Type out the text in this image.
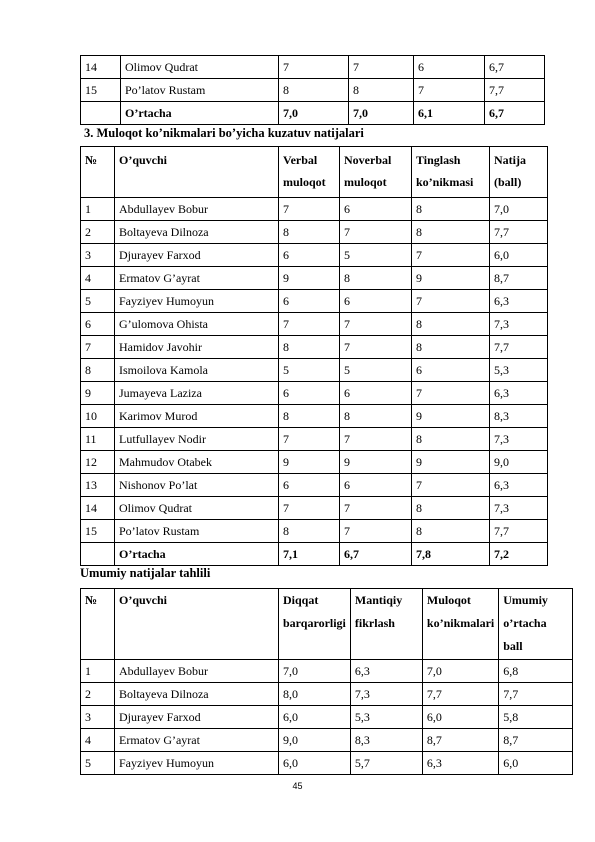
14	Olimov Qudrat	7	7	6	6,7
15	Po’latov Rustam	8	8	7	7,7
	O’rtacha	7,0	7,0	6,1	6,7
3. Muloqot ko’nikmalari bo’yicha kuzatuv natijalari
№	O’quvchi	Verbal muloqot	Noverbal muloqot	Tinglash ko’nikmasi	Natija (ball)
1	Abdullayev Bobur	7	6	8	7,0
2	Boltayeva Dilnoza	8	7	8	7,7
3	Djurayev Farxod	6	5	7	6,0
4	Ermatov G’ayrat	9	8	9	8,7
5	Fayziyev Humoyun	6	6	7	6,3
6	G’ulomova Ohista	7	7	8	7,3
7	Hamidov Javohir	8	7	8	7,7
8	Ismoilova Kamola	5	5	6	5,3
9	Jumayeva Laziza	6	6	7	6,3
10	Karimov Murod	8	8	9	8,3
11	Lutfullayev Nodir	7	7	8	7,3
12	Mahmudov Otabek	9	9	9	9,0
13	Nishonov Po’lat	6	6	7	6,3
14	Olimov Qudrat	7	7	8	7,3
15	Po’latov Rustam	8	7	8	7,7
	O’rtacha	7,1	6,7	7,8	7,2
Umumiy natijalar tahlili
№	O’quvchi	Diqqat barqarorligi	Mantiqiy fikrlash	Muloqot ko’nikmalari	Umumiy o’rtacha ball
1	Abdullayev Bobur	7,0	6,3	7,0	6,8
2	Boltayeva Dilnoza	8,0	7,3	7,7	7,7
3	Djurayev Farxod	6,0	5,3	6,0	5,8
4	Ermatov G’ayrat	9,0	8,3	8,7	8,7
5	Fayziyev Humoyun	6,0	5,7	6,3	6,0
45
